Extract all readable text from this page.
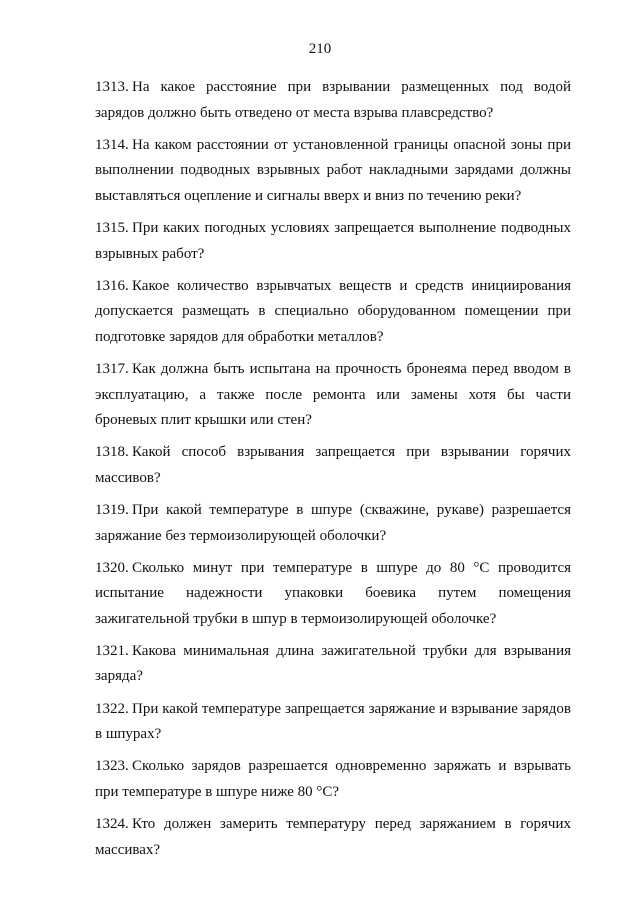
210
1313. На какое расстояние при взрывании размещенных под водой зарядов должно быть отведено от места взрыва плавсредство?
1314. На каком расстоянии от установленной границы опасной зоны при выполнении подводных взрывных работ накладными зарядами должны выставляться оцепление и сигналы вверх и вниз по течению реки?
1315. При каких погодных условиях запрещается выполнение подводных взрывных работ?
1316. Какое количество взрывчатых веществ и средств инициирования допускается размещать в специально оборудованном помещении при подготовке зарядов для обработки металлов?
1317. Как должна быть испытана на прочность бронеяма перед вводом в эксплуатацию, а также после ремонта или замены хотя бы части броневых плит крышки или стен?
1318. Какой способ взрывания запрещается при взрывании горячих массивов?
1319. При какой температуре в шпуре (скважине, рукаве) разрешается заряжание без термоизолирующей оболочки?
1320. Сколько минут при температуре в шпуре до 80 °С проводится испытание надежности упаковки боевика путем помещения зажигательной трубки в шпур в термоизолирующей оболочке?
1321. Какова минимальная длина зажигательной трубки для взрывания заряда?
1322. При какой температуре запрещается заряжание и взрывание зарядов в шпурах?
1323. Сколько зарядов разрешается одновременно заряжать и взрывать при температуре в шпуре ниже 80 °С?
1324. Кто должен замерить температуру перед заряжанием в горячих массивах?
